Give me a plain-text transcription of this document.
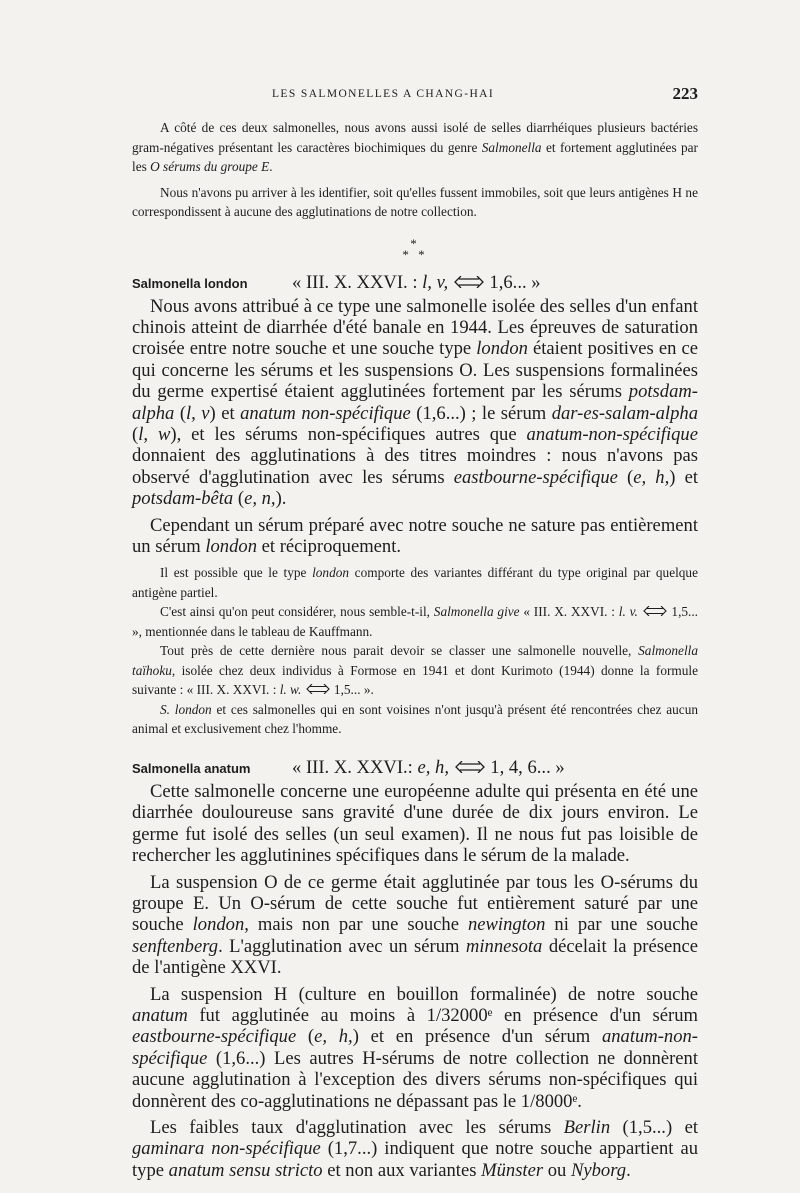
LES SALMONELLES A CHANG-HAI	223

A côté de ces deux salmonelles, nous avons aussi isolé de selles diarrhéiques plusieurs bactéries gram-négatives présentant les caractères biochimiques du genre Salmonella et fortement agglutinées par les O sérums du groupe E.

Nous n'avons pu arriver à les identifier, soit qu'elles fussent immobiles, soit que leurs antigènes H ne correspondissent à aucune des agglutinations de notre collection.

*
* *
Salmonella london	« III. X. XXVI. : l, v,  1,6... »

Nous avons attribué à ce type une salmonelle isolée des selles d'un enfant chinois atteint de diarrhée d'été banale en 1944. Les épreuves de saturation croisée entre notre souche et une souche type london étaient positives en ce qui concerne les sérums et les suspensions O. Les suspensions formalinées du germe expertisé étaient agglutinées fortement par les sérums potsdam-alpha (l, v) et anatum non-spécifique (1,6...) ; le sérum dar-es-salam-alpha (l, w), et les sérums non-spécifiques autres que anatum-non-spécifique donnaient des agglutinations à des titres moindres : nous n'avons pas observé d'agglutination avec les sérums eastbourne-spécifique (e, h,) et potsdam-bêta (e, n,).

Cependant un sérum préparé avec notre souche ne sature pas entièrement un sérum london et réciproquement.

Il est possible que le type london comporte des variantes différant du type original par quelque antigène partiel.

C'est ainsi qu'on peut considérer, nous semble-t-il, Salmonella give « III. X. XXVI. : l. v.  1,5... », mentionnée dans le tableau de Kauffmann.

Tout près de cette dernière nous parait devoir se classer une salmonelle nouvelle, Salmonella taïhoku, isolée chez deux individus à Formose en 1941 et dont Kurimoto (1944) donne la formule suivante : « III. X. XXVI. : l. w.  1,5... ».

S. london et ces salmonelles qui en sont voisines n'ont jusqu'à présent été rencontrées chez aucun animal et exclusivement chez l'homme.

Salmonella anatum	« III. X. XXVI.: e, h,  1, 4, 6... »

Cette salmonelle concerne une européenne adulte qui présenta en été une diarrhée douloureuse sans gravité d'une durée de dix jours environ. Le germe fut isolé des selles (un seul examen). Il ne nous fut pas loisible de rechercher les agglutinines spécifiques dans le sérum de la malade.

La suspension O de ce germe était agglutinée par tous les O-sérums du groupe E. Un O-sérum de cette souche fut entièrement saturé par une souche london, mais non par une souche newington ni par une souche senftenberg. L'agglutination avec un sérum minnesota décelait la présence de l'antigène XXVI.

La suspension H (culture en bouillon formalinée) de notre souche anatum fut agglutinée au moins à 1/32000ᵉ en présence d'un sérum eastbourne-spécifique (e, h,) et en présence d'un sérum anatum-non-spécifique (1,6...) Les autres H-sérums de notre collection ne donnèrent aucune agglutination à l'exception des divers sérums non-spécifiques qui donnèrent des co-agglutinations ne dépassant pas le 1/8000ᵉ.

Les faibles taux d'agglutination avec les sérums Berlin (1,5...) et gaminara non-spécifique (1,7...) indiquent que notre souche appartient au type anatum sensu stricto et non aux variantes Münster ou Nyborg.
